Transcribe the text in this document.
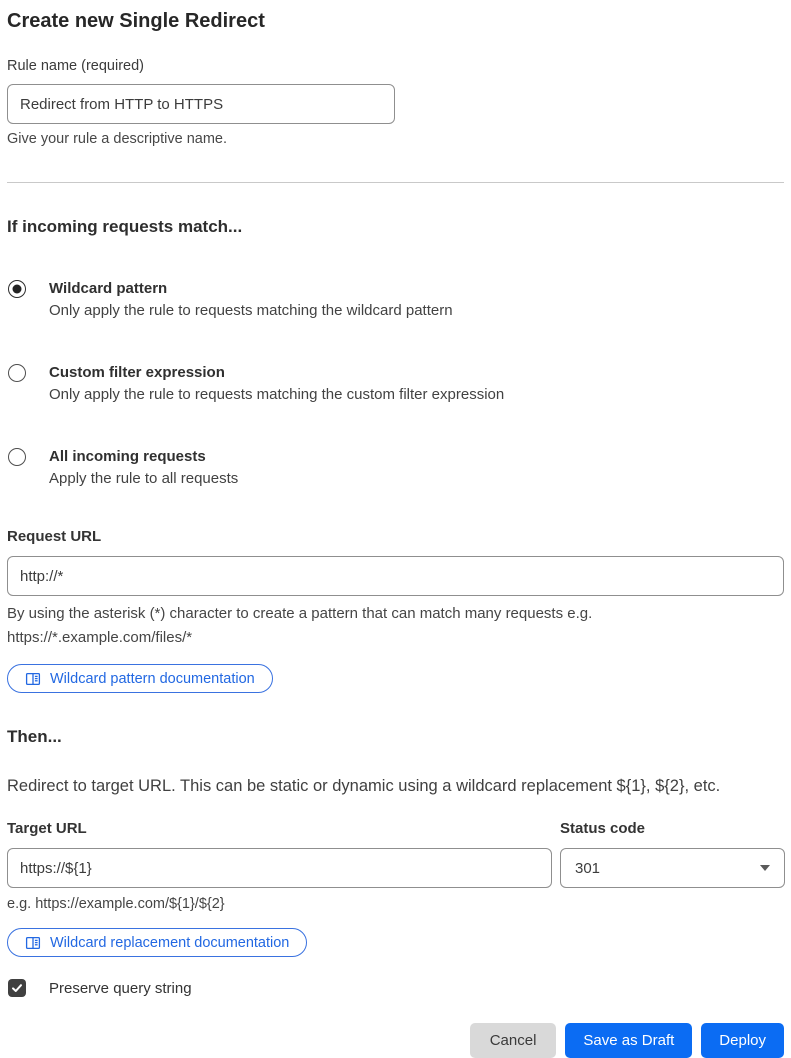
Create new Single Redirect
Rule name (required)
Redirect from HTTP to HTTPS
Give your rule a descriptive name.
If incoming requests match...
Wildcard pattern
Only apply the rule to requests matching the wildcard pattern
Custom filter expression
Only apply the rule to requests matching the custom filter expression
All incoming requests
Apply the rule to all requests
Request URL
http://*
By using the asterisk (*) character to create a pattern that can match many requests e.g.
https://*.example.com/files/*
Wildcard pattern documentation
Then...

Redirect to target URL. This can be static or dynamic using a wildcard replacement ${1}, ${2}, etc.

Target URL
https://${1}
e.g. https://example.com/${1}/${2}
Status code
301
Wildcard replacement documentation
Preserve query string
Cancel	Save as Draft	Deploy
